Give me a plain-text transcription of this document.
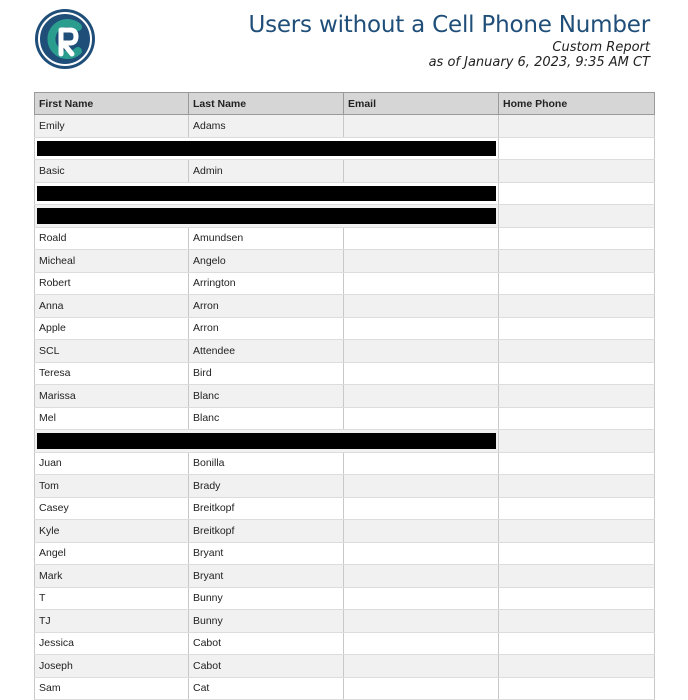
Users without a Cell Phone Number
Custom Report
as of January 6, 2023, 9:35 AM CT
First Name	Last Name	Email	Home Phone
Emily	Adams		

Basic	Admin		

Roald	Amundsen		
Micheal	Angelo		
Robert	Arrington		
Anna	Arron		
Apple	Arron		
SCL	Attendee		
Teresa	Bird		
Marissa	Blanc		
Mel	Blanc		

Juan	Bonilla		
Tom	Brady		
Casey	Breitkopf		
Kyle	Breitkopf		
Angel	Bryant		
Mark	Bryant		
T	Bunny		
TJ	Bunny		
Jessica	Cabot		
Joseph	Cabot		
Sam	Cat		
